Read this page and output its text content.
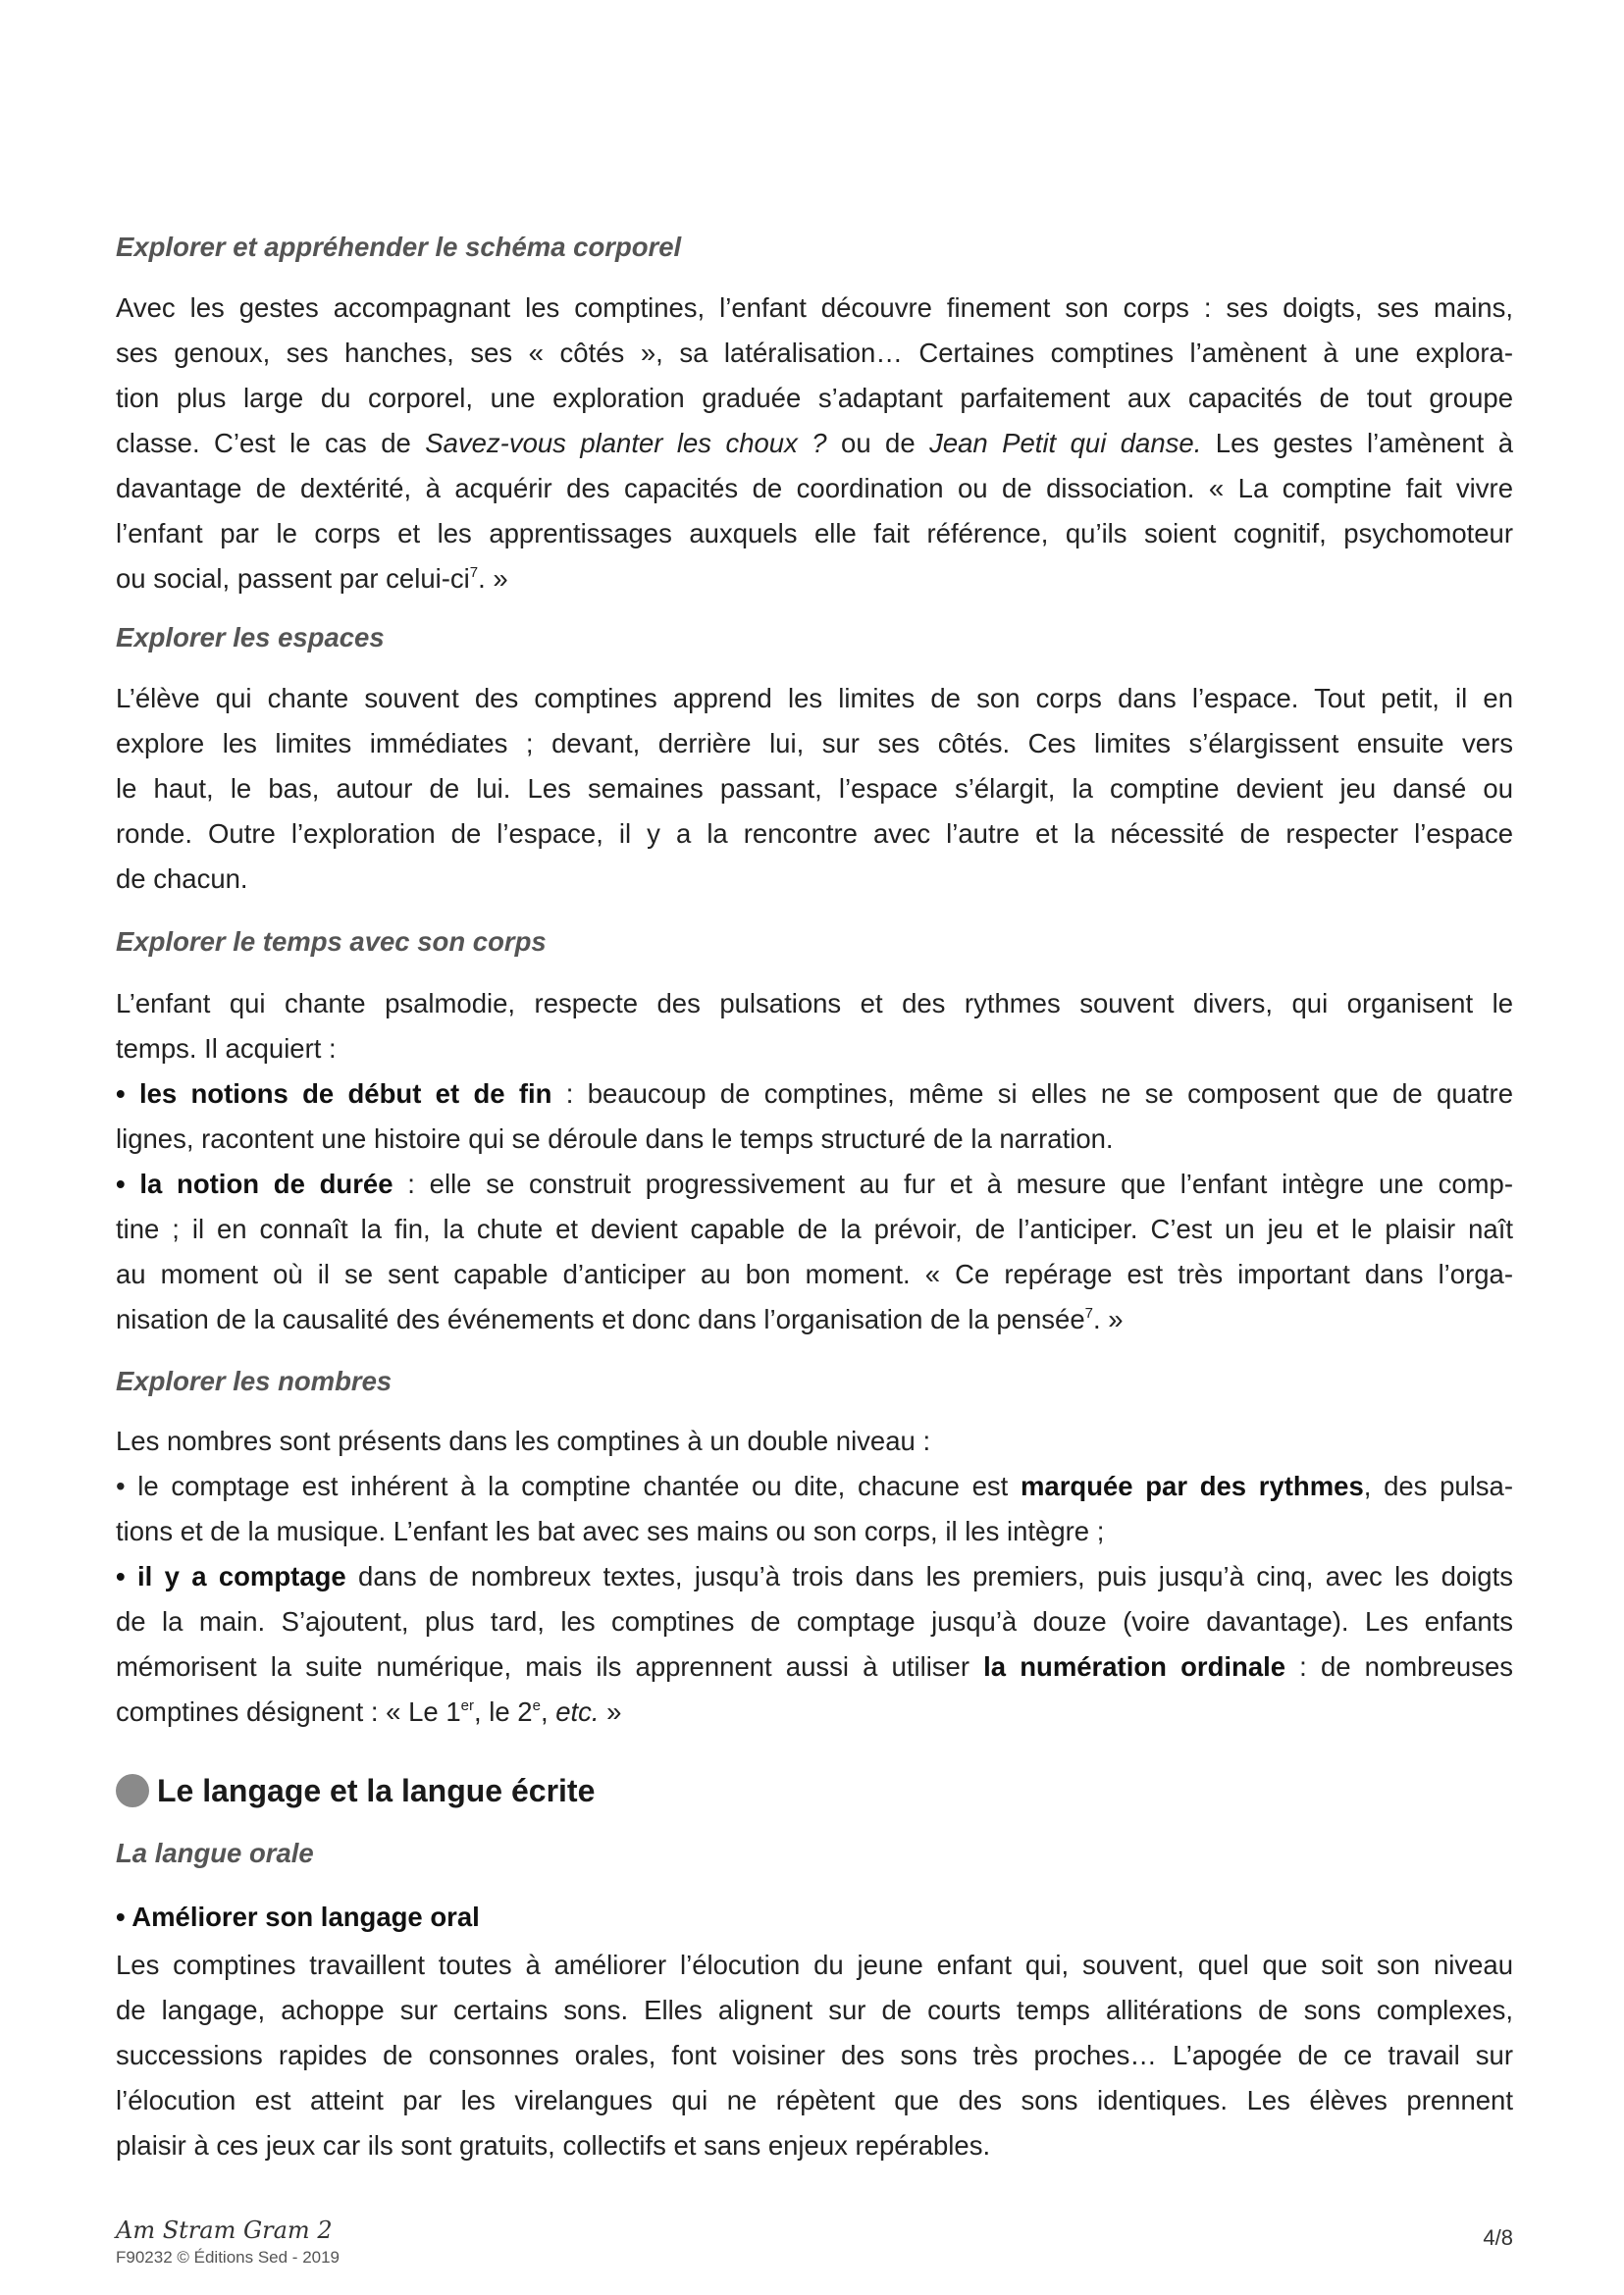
Explorer et appréhender le schéma corporel
Avec les gestes accompagnant les comptines, l’enfant découvre finement son corps : ses doigts, ses mains,
ses genoux, ses hanches, ses « côtés », sa latéralisation… Certaines comptines l’amènent à une explora-
tion plus large du corporel, une exploration graduée s’adaptant parfaitement aux capacités de tout groupe
classe. C’est le cas de Savez-vous planter les choux ? ou de Jean Petit qui danse. Les gestes l’amènent à
davantage de dextérité, à acquérir des capacités de coordination ou de dissociation. « La comptine fait vivre
l’enfant par le corps et les apprentissages auxquels elle fait référence, qu’ils soient cognitif, psychomoteur
ou social, passent par celui-$ci^7$. »
Explorer les espaces
L’élève qui chante souvent des comptines apprend les limites de son corps dans l’espace. Tout petit, il en
explore les limites immédiates ; devant, derrière lui, sur ses côtés. Ces limites s’élargissent ensuite vers
le haut, le bas, autour de lui. Les semaines passant, l’espace s’élargit, la comptine devient jeu dansé ou
ronde. Outre l’exploration de l’espace, il y a la rencontre avec l’autre et la nécessité de respecter l’espace
de chacun.
Explorer le temps avec son corps
L’enfant qui chante psalmodie, respecte des pulsations et des rythmes souvent divers, qui organisent le
temps. Il acquiert :
• les notions de début et de fin : beaucoup de comptines, même si elles ne se composent que de quatre
lignes, racontent une histoire qui se déroule dans le temps structuré de la narration.
• la notion de durée : elle se construit progressivement au fur et à mesure que l’enfant intègre une comp-
tine ; il en connaît la fin, la chute et devient capable de la prévoir, de l’anticiper. C’est un jeu et le plaisir naît
au moment où il se sent capable d’anticiper au bon moment. « Ce repérage est très important dans l’orga-
nisation de la causalité des événements et donc dans l’organisation de la pensée$^7$. »
Explorer les nombres
Les nombres sont présents dans les comptines à un double niveau :
• le comptage est inhérent à la comptine chantée ou dite, chacune est marquée par des rythmes, des pulsa-
tions et de la musique. L’enfant les bat avec ses mains ou son corps, il les intègre ;
• il y a comptage dans de nombreux textes, jusqu’à trois dans les premiers, puis jusqu’à cinq, avec les doigts
de la main. S’ajoutent, plus tard, les comptines de comptage jusqu’à douze (voire davantage). Les enfants
mémorisent la suite numérique, mais ils apprennent aussi à utiliser la numération ordinale : de nombreuses
comptines désignent : « Le 1er, le 2e, etc. »
Le langage et la langue écrite
La langue orale
• Améliorer son langage oral
Les comptines travaillent toutes à améliorer l’élocution du jeune enfant qui, souvent, quel que soit son niveau
de langage, achoppe sur certains sons. Elles alignent sur de courts temps allitérations de sons complexes,
successions rapides de consonnes orales, font voisiner des sons très proches… L’apogée de ce travail sur
l’élocution est atteint par les virelangues qui ne répètent que des sons identiques. Les élèves prennent
plaisir à ces jeux car ils sont gratuits, collectifs et sans enjeux repérables.
Am Stram Gram 2
F90232 © Éditions Sed - 2019
4/8
